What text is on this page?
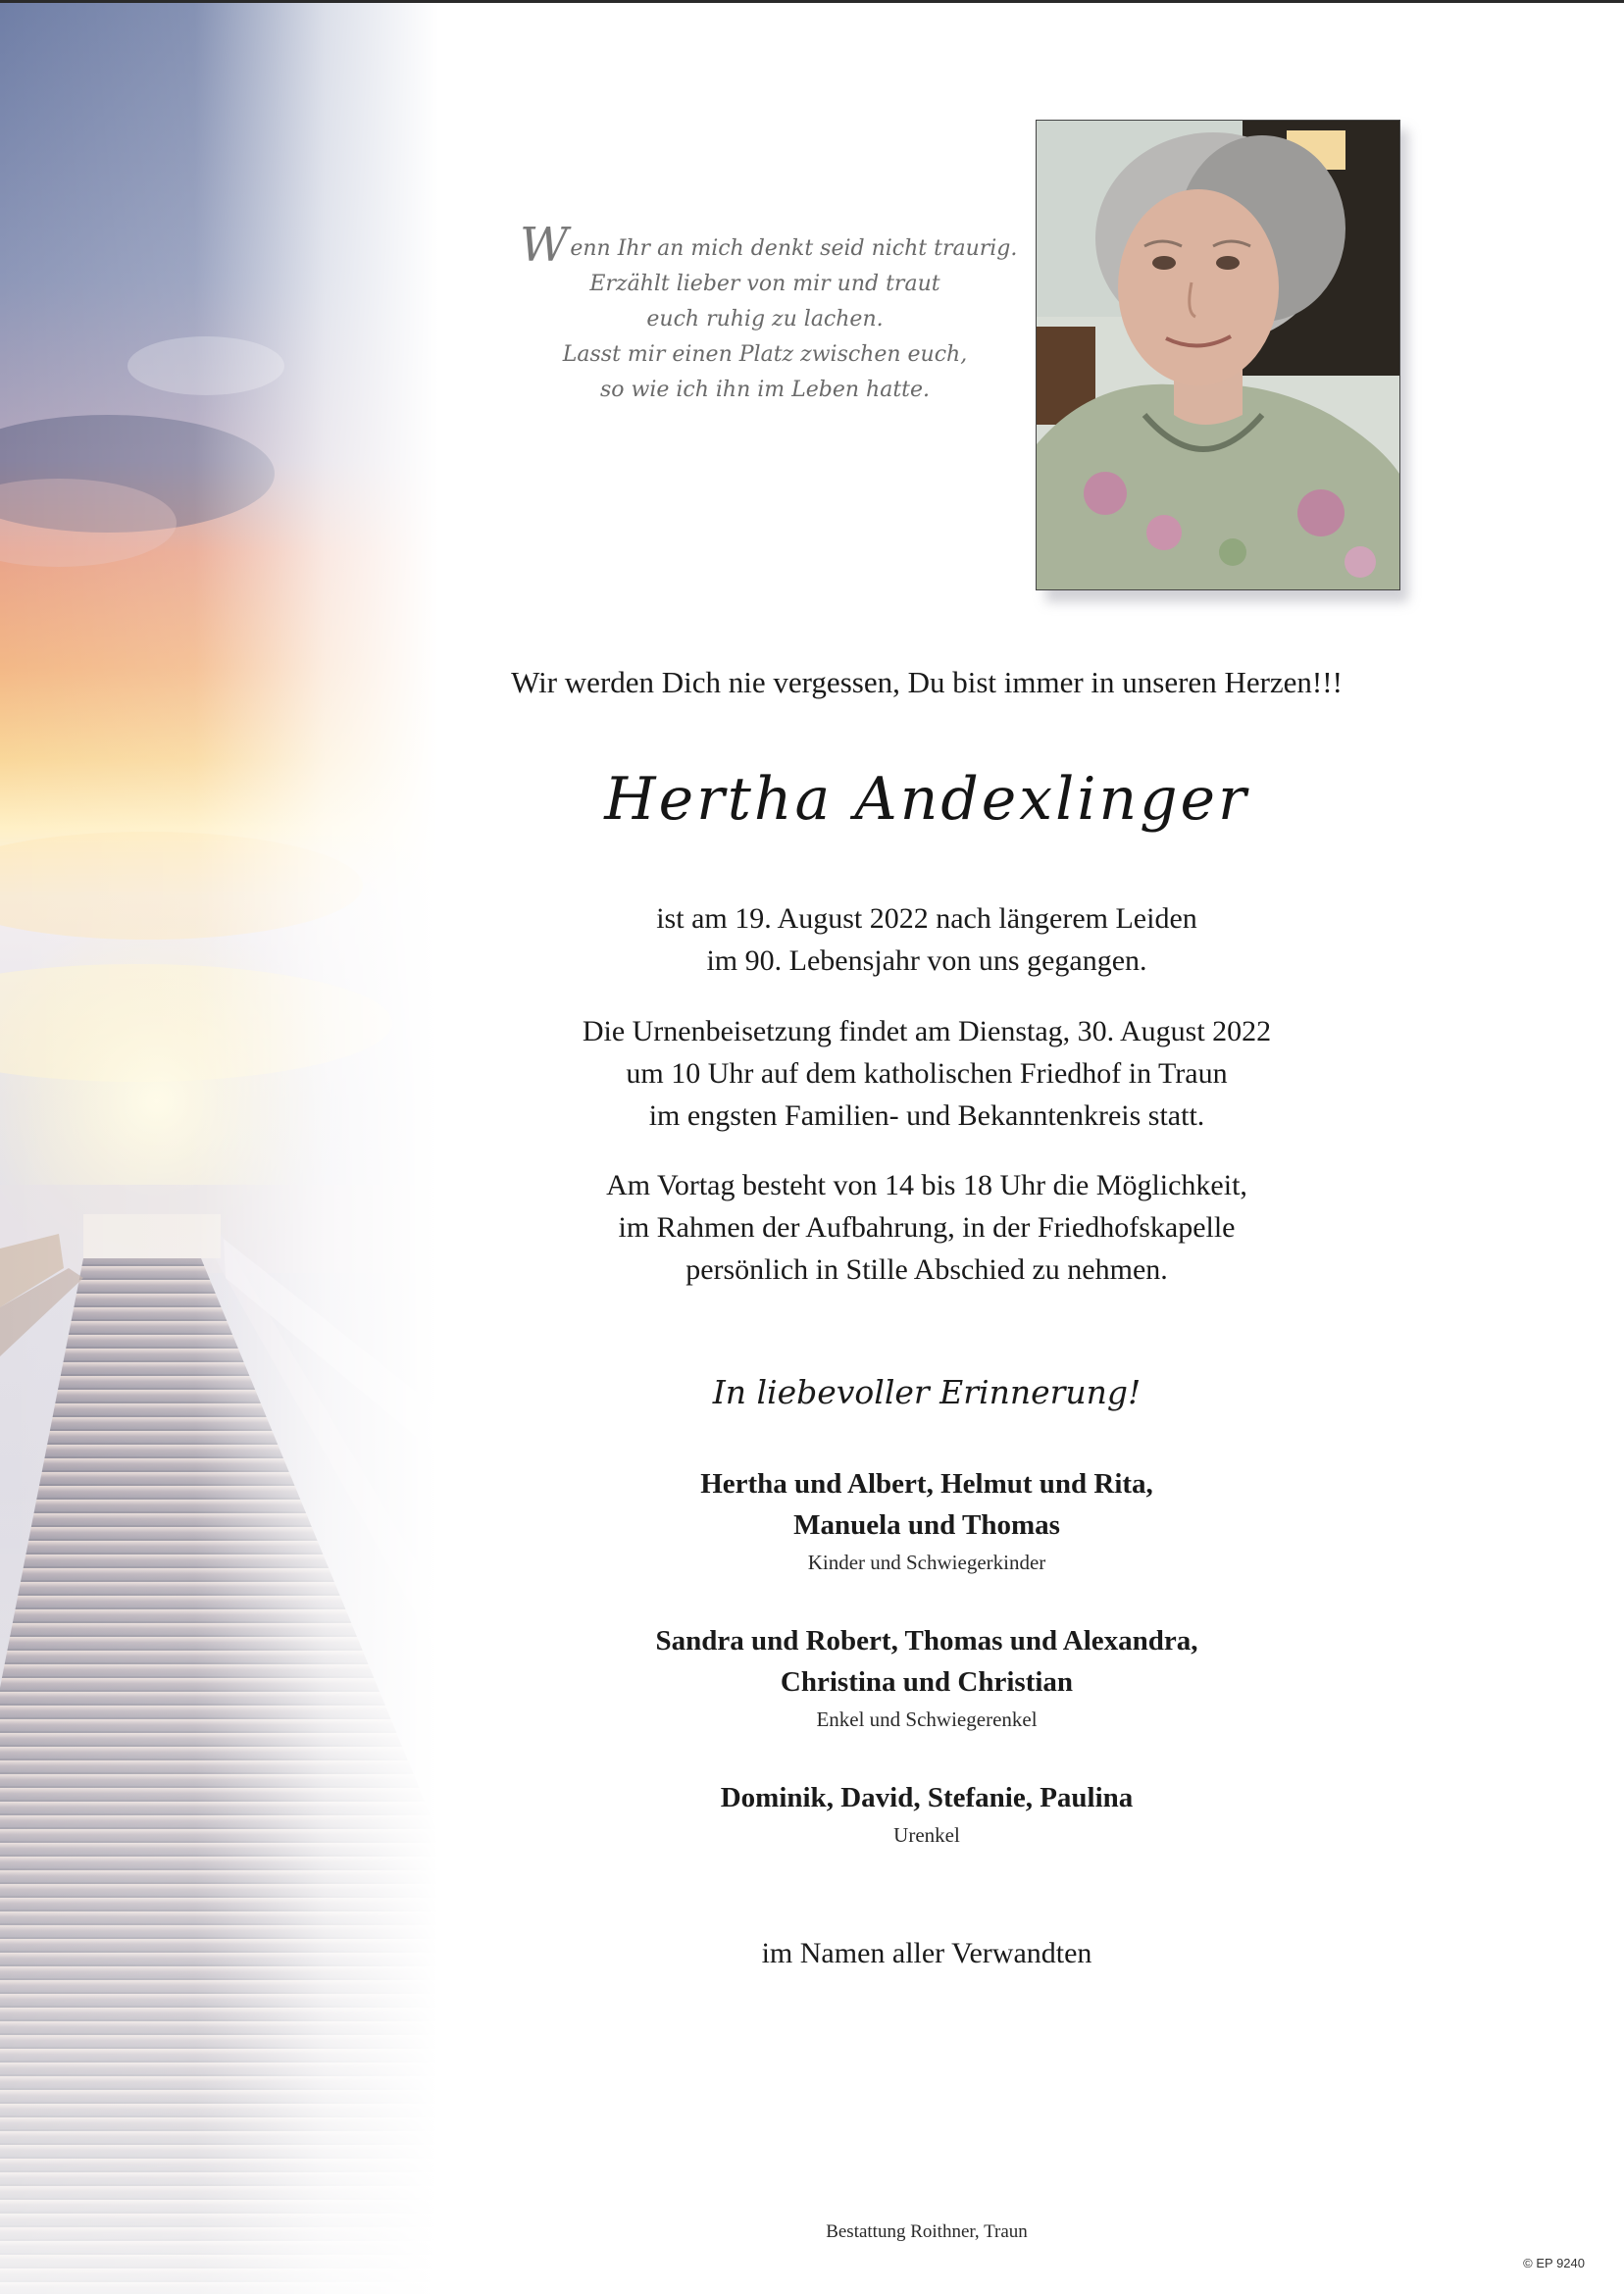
Wenn Ihr an mich denkt seid nicht traurig.

Erzählt lieber von mir und traut

euch ruhig zu lachen.

Lasst mir einen Platz zwischen euch,

so wie ich ihn im Leben hatte.

Wir werden Dich nie vergessen, Du bist immer in unseren Herzen!!!
Hertha Andexlinger

ist am 19. August 2022 nach längerem Leiden

im 90. Lebensjahr von uns gegangen.

Die Urnenbeisetzung findet am Dienstag, 30. August 2022

um 10 Uhr auf dem katholischen Friedhof in Traun

im engsten Familien- und Bekanntenkreis statt.

Am Vortag besteht von 14 bis 18 Uhr die Möglichkeit,

im Rahmen der Aufbahrung, in der Friedhofskapelle

persönlich in Stille Abschied zu nehmen.

In liebevoller Erinnerung!

Hertha und Albert, Helmut und Rita,

Manuela und Thomas

Kinder und Schwiegerkinder

Sandra und Robert, Thomas und Alexandra,

Christina und Christian

Enkel und Schwiegerenkel

Dominik, David, Stefanie, Paulina

Urenkel

im Namen aller Verwandten
Bestattung Roithner, Traun
© EP 9240
